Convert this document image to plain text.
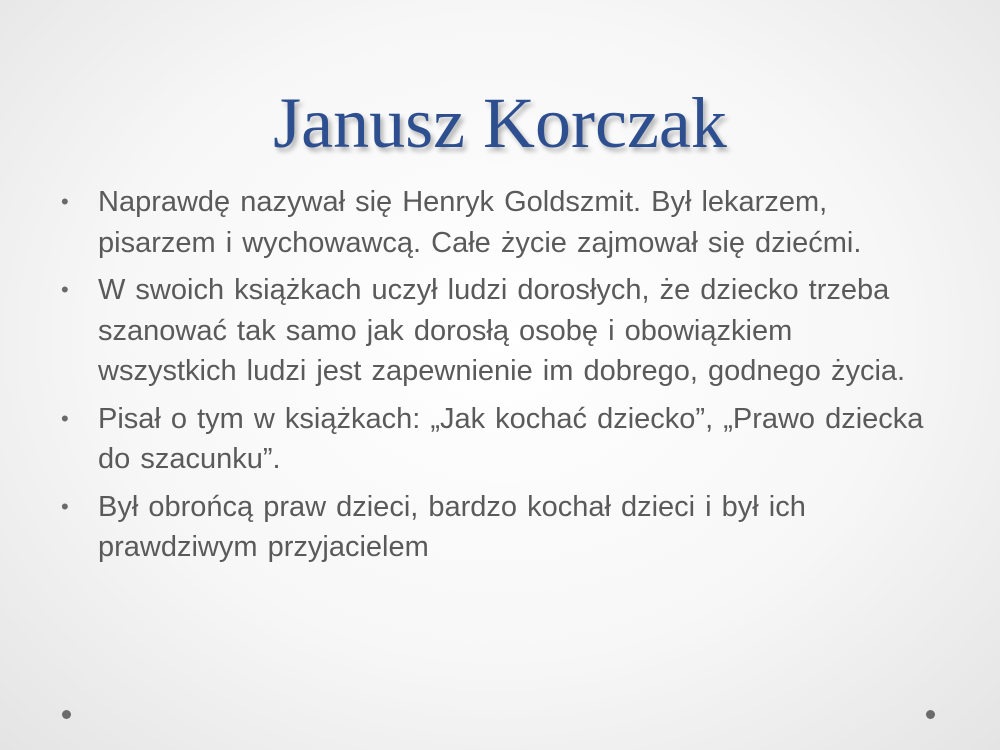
Janusz Korczak
• Naprawdę nazywał się Henryk Goldszmit. Był lekarzem, pisarzem i wychowawcą. Całe życie zajmował się dziećmi.
• W swoich książkach uczył ludzi dorosłych, że dziecko trzeba szanować tak samo jak dorosłą osobę i obowiązkiem wszystkich ludzi jest zapewnienie im dobrego, godnego życia.
• Pisał o tym w książkach: „Jak kochać dziecko”, „Prawo dziecka do szacunku”.
• Był obrońcą praw dzieci, bardzo kochał dzieci i był ich prawdziwym przyjacielem
